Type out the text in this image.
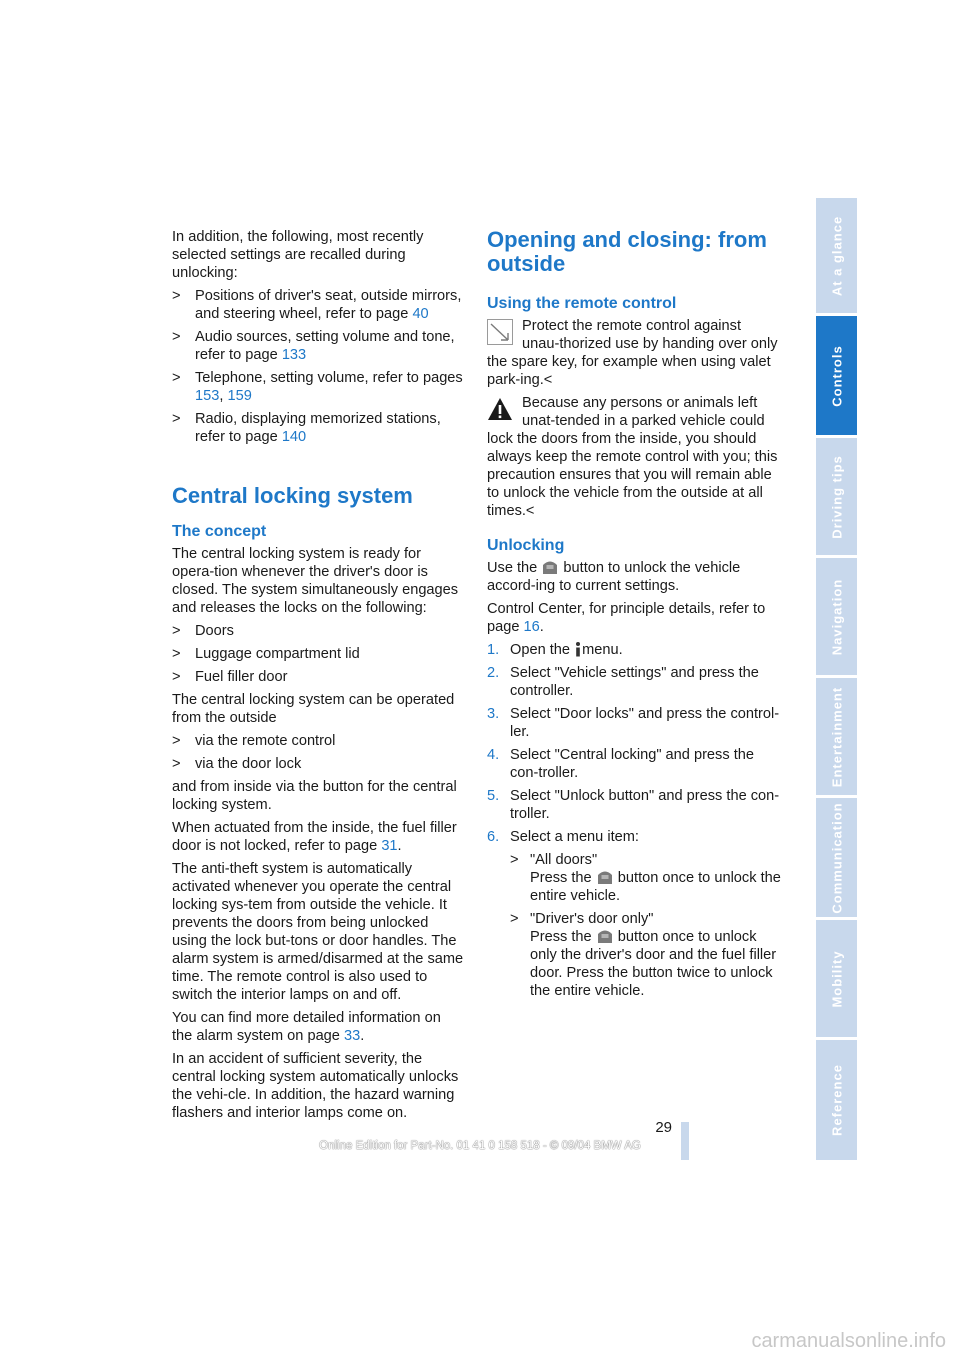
In addition, the following, most recently selected settings are recalled during unlocking:

> Positions of driver's seat, outside mirrors, and steering wheel, refer to page 40
> Audio sources, setting volume and tone, refer to page 133
> Telephone, setting volume, refer to pages 153, 159
> Radio, displaying memorized stations, refer to page 140
Central locking system
The concept

The central locking system is ready for opera-tion whenever the driver's door is closed. The system simultaneously engages and releases the locks on the following:

> Doors
> Luggage compartment lid
> Fuel filler door

The central locking system can be operated from the outside

> via the remote control
> via the door lock

and from inside via the button for the central locking system.

When actuated from the inside, the fuel filler door is not locked, refer to page 31.

The anti-theft system is automatically activated whenever you operate the central locking sys-tem from outside the vehicle. It prevents the doors from being unlocked using the lock but-tons or door handles. The alarm system is armed/disarmed at the same time. The remote control is also used to switch the interior lamps on and off.

You can find more detailed information on the alarm system on page 33.

In an accident of sufficient severity, the central locking system automatically unlocks the vehi-cle. In addition, the hazard warning flashers and interior lamps come on.

Opening and closing: from outside
Using the remote control

Protect the remote control against unau-thorized use by handing over only the spare key, for example when using valet park-ing.<

Because any persons or animals left unat-tended in a parked vehicle could lock the doors from the inside, you should always keep the remote control with you; this precaution ensures that you will remain able to unlock the vehicle from the outside at all times.<

Unlocking

Use the button to unlock the vehicle accord-ing to current settings.

Control Center, for principle details, refer to page 16.

1. Open the menu.
2. Select "Vehicle settings" and press the controller.
3. Select "Door locks" and press the control-ler.
4. Select "Central locking" and press the con-troller.
5. Select "Unlock button" and press the con-troller.
6. Select a menu item:
> "All doors"
Press the button once to unlock the entire vehicle.
> "Driver's door only"
Press the button once to unlock only the driver's door and the fuel filler door. Press the button twice to unlock the entire vehicle.
At a glance
Controls
Driving tips
Navigation
Entertainment
Communication
Mobility
Reference
29
Online Edition for Part-No. 01 41 0 158 518 - © 09/04 BMW AG
carmanualsonline.info
